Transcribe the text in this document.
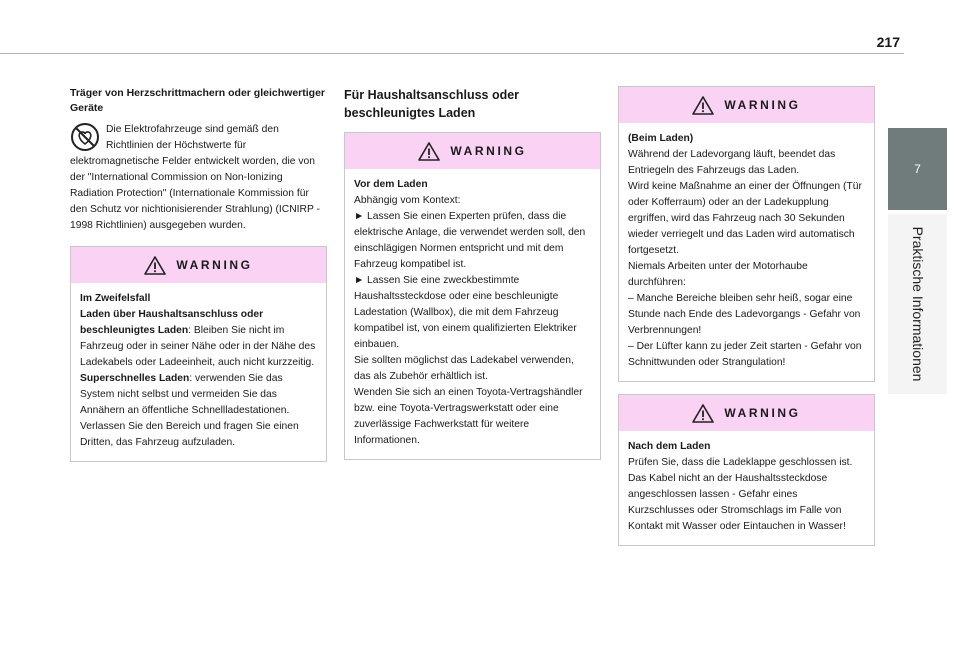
217
7
Praktische Informationen
Träger von Herzschrittmachern oder gleichwertiger Geräte

Die Elektrofahrzeuge sind gemäß den Richtlinien der Höchstwerte für elektromagnetische Felder entwickelt worden, die von der "International Commission on Non-Ionizing Radiation Protection" (Internationale Kommission für den Schutz vor nichtionisierender Strahlung) (ICNIRP - 1998 Richtlinien) ausgegeben wurden.

WARNING

Im Zweifelsfall

Laden über Haushaltsanschluss oder beschleunigtes Laden: Bleiben Sie nicht im Fahrzeug oder in seiner Nähe oder in der Nähe des Ladekabels oder Ladeeinheit, auch nicht kurzzeitig.

Superschnelles Laden: verwenden Sie das System nicht selbst und vermeiden Sie das Annähern an öffentliche Schnellladestationen. Verlassen Sie den Bereich und fragen Sie einen Dritten, das Fahrzeug aufzuladen.

Für Haushaltsanschluss oder beschleunigtes Laden
WARNING

Vor dem Laden

Abhängig vom Kontext:

► Lassen Sie einen Experten prüfen, dass die elektrische Anlage, die verwendet werden soll, den einschlägigen Normen entspricht und mit dem Fahrzeug kompatibel ist.

► Lassen Sie eine zweckbestimmte Haushaltssteckdose oder eine beschleunigte Ladestation (Wallbox), die mit dem Fahrzeug kompatibel ist, von einem qualifizierten Elektriker einbauen.

Sie sollten möglichst das Ladekabel verwenden, das als Zubehör erhältlich ist.

Wenden Sie sich an einen Toyota-Vertragshändler bzw. eine Toyota-Vertragswerkstatt oder eine zuverlässige Fachwerkstatt für weitere Informationen.

WARNING

(Beim Laden)

Während der Ladevorgang läuft, beendet das Entriegeln des Fahrzeugs das Laden.

Wird keine Maßnahme an einer der Öffnungen (Tür oder Kofferraum) oder an der Ladekupplung ergriffen, wird das Fahrzeug nach 30 Sekunden wieder verriegelt und das Laden wird automatisch fortgesetzt.

Niemals Arbeiten unter der Motorhaube durchführen:

– Manche Bereiche bleiben sehr heiß, sogar eine Stunde nach Ende des Ladevorgangs - Gefahr von Verbrennungen!

– Der Lüfter kann zu jeder Zeit starten - Gefahr von Schnittwunden oder Strangulation!

WARNING

Nach dem Laden

Prüfen Sie, dass die Ladeklappe geschlossen ist.

Das Kabel nicht an der Haushaltssteckdose angeschlossen lassen - Gefahr eines Kurzschlusses oder Stromschlags im Falle von Kontakt mit Wasser oder Eintauchen in Wasser!
